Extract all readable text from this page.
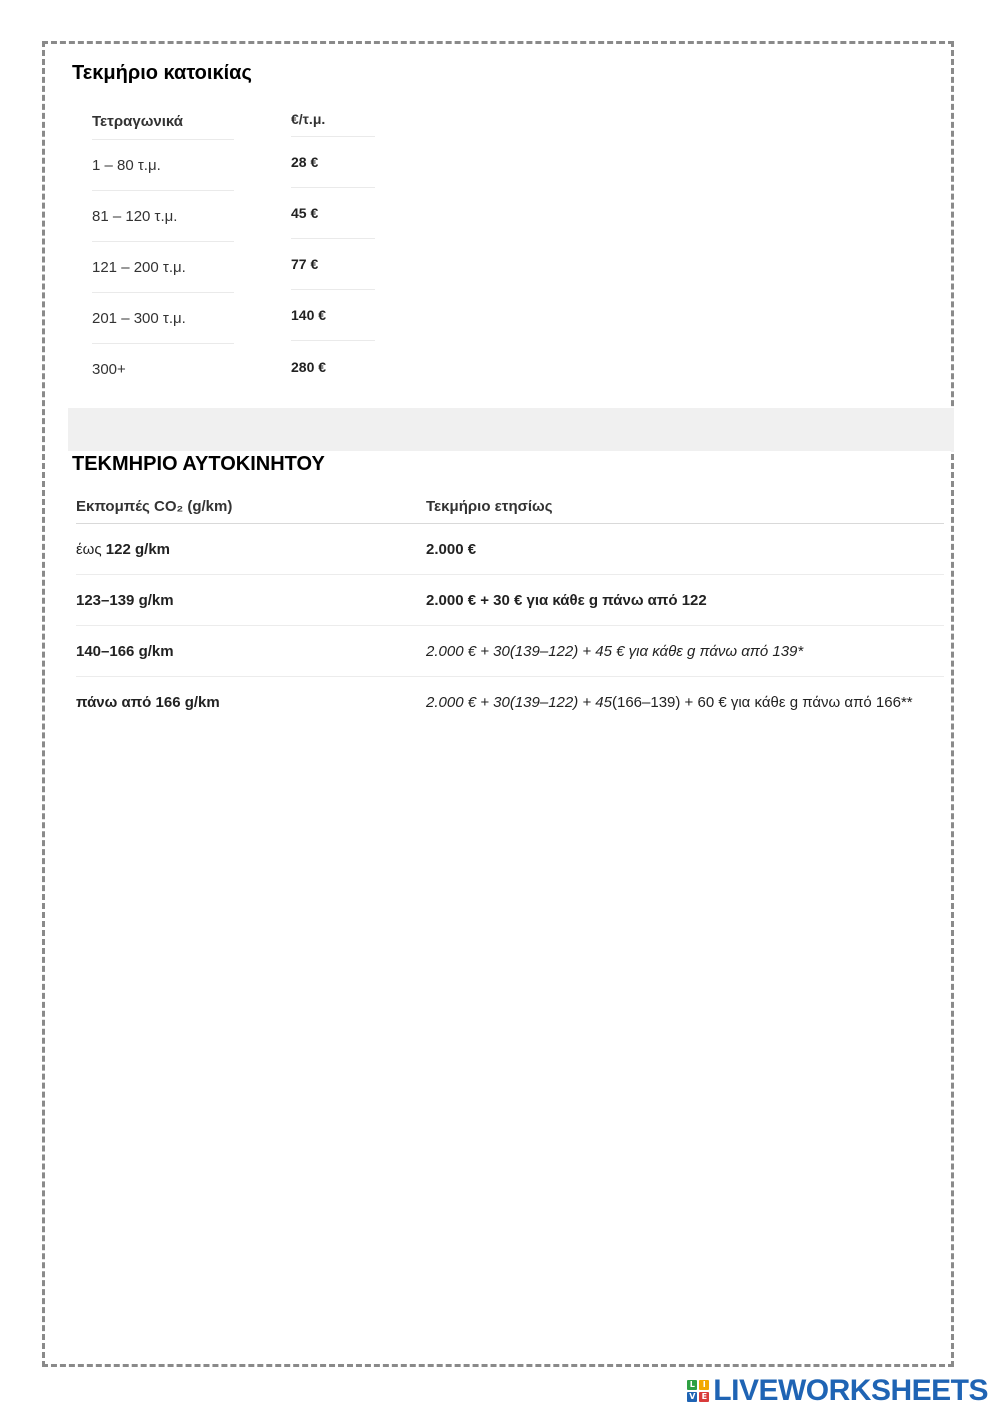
Τεκμήριο κατοικίας
Τετραγωνικά	€/τ.μ.
1 – 80 τ.μ.	28 €
81 – 120 τ.μ.	45 €
121 – 200 τ.μ.	77 €
201 – 300 τ.μ.	140 €
300+	280 €
ΤΕΚΜΗΡΙΟ ΑΥΤΟΚΙΝΗΤΟΥ
Εκπομπές CO₂ (g/km)	Τεκμήριο ετησίως
έως 122 g/km	2.000 €
123–139 g/km	2.000 € + 30 € για κάθε g πάνω από 122
140–166 g/km	2.000 € + 30(139–122) + 45 € για κάθε g πάνω από 139*
πάνω από 166 g/km	2.000 € + 30(139–122) + 45(166–139) + 60 € για κάθε g πάνω από 166**
L I
V E LIVEWORKSHEETS
